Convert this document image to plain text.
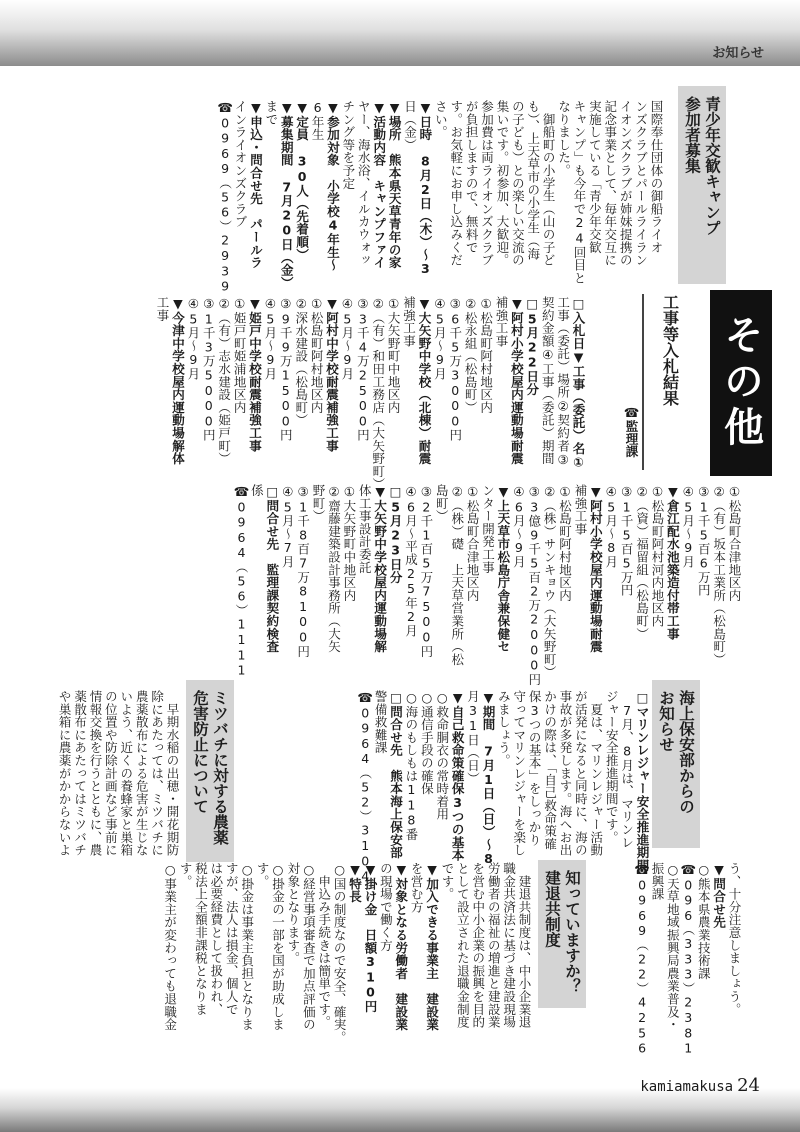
お知らせ
青少年交歓キャンプ
参加者募集
国際奉仕団体の御船ライオ
ンズクラブとパールライラン
イオンズクラブが姉妹提携の
記念事業として、毎年交互に
実施している「青少年交歓
キャンプ」も今年で24回目と
なりました。
　御船町の小学生（山の子ど
も）、上天草市の小学生（海
の子ども）との楽しい交流の
集いです。初参加、大歓迎。
参加費は両ライオンズクラブ
が負担しますので、無料で
す。お気軽にお申し込みくだ
さい。
▼日時　8月2日（木）～3
日（金）
▼場所　熊本県天草青年の家
▼活動内容　キャンプファイ
ヤー、海水浴、イルカウォッ
チング等を予定
▼参加対象　小学校4年生～
6年生
▼定員　30人（先着順）
▼募集期間　7月20日（金）
まで
▼申込・問合せ先　パールラ
インライオンズクラブ
☎0969（56）2939
その他
工事等入札結果
☎監理課
□入札日▼工事（委託）名①
工事（委託）場所②契約者③
契約金額④工事（委託）期間
□5月22日分
▼阿村小学校屋内運動場耐震
補強工事
①松島町阿村地区内
②松永組（松島町）
③6千5万3000円
④5月～9月
▼大矢野中学校（北棟）耐震
補強工事
①大矢野町中地区内
②（有）和田工務店（大矢野町）
③3千4万2500円
④5月～9月
▼阿村中学校耐震補強工事
①松島町阿村地区内
②深水建設（松島町）
③9千9万1500円
④5月～9月
▼姫戸中学校耐震補強工事
①姫戸町姫浦地区内
②（有）志水建設（姫戸町）
③1千3万5000円
④5月～9月
▼今津中学校屋内運動場解体
工事
①松島町合津地区内
②（有）坂本工業所（松島町）
③1千5百6万円
④5月～9月
▼倉江配水池築造付帯工事
①松島町阿村河内地区内
②（資）福留組（松島町）
③1千5百5万円
④5月～8月
▼阿村小学校屋内運動場耐震
補強工事
①松島町阿村地区内
②（株）サンキョウ（大矢野町）
③3億9千5百2万2000円
④6月～9月
▼上天草市松島庁舎兼保健セ
ンター開発工事
①松島町合津地区内
②（株）礎　上天草営業所（松
島町）
③2千1百5万7500円
④6月～平成25年2月
□5月23日分
▼大矢野中学校屋内運動場解
体工事設計委託
①大矢野町中地区内
②齋藤建築設計事務所（大矢
野町）
③1千8百7万8100円
④5月～7月
□問合せ先　監理課契約検査
係
☎0964（56）1111
海上保安部からの
お知らせ
□マリンレジャー安全推進期間
　7月、8月は、マリンレ
ジャー安全推進期間です。
　夏は、マリンレジャー活動
が活発になると同時に、海の
事故が多発します。海へお出
かけの際は、「自己救命策確
保3つの基本」をしっかり
守ってマリンレジャーを楽し
みましょう。
▼期間　7月1日（日）～8
月31日（日）
▼自己救命策確保3つの基本
○救命胴衣の常時着用
○通信手段の確保
○海のもしもは118番
□問合せ先　熊本海上保安部
警備救難課
☎0964（52）3104
ミツバチに対する農薬
危害防止について
　早期水稲の出穂・開花期防
除にあたっては、ミツバチに
農薬散布による危害が生じな
いよう、近くの養蜂家と巣箱
の位置や防除計画など事前に
情報交換を行うとともに、農
薬散布にあたってはミツバチ
や巣箱に農薬がかからないよ
う、十分注意しましょう。
▼問合せ先
○熊本県農業技術課
☎096（333）2381
○天草地域振興局農業普及・
振興課
☎0969（22）4256
知っていますか？
建退共制度
　建退共制度は、中小企業退
職金共済法に基づき建設現場
労働者の福祉の増進と建設業
を営む中小企業の振興を目的
として設立された退職金制度
です。
▼加入できる事業主　建設業
を営む方
▼対象となる労働者　建設業
の現場で働く方
▼掛け金　日額310円
▼特長
○国の制度なので安全、確実。
　申込み手続きは簡単です。
○経営事項審査で加点評価の
対象となります。
○掛金の一部を国が助成しま
す。
○掛金は事業主負担となりま
すが、法人は損金、個人で
は必要経費として扱われ、
税法上全額非課税となりま
す。
○事業主が変わっても退職金
kamiamakusa 24
